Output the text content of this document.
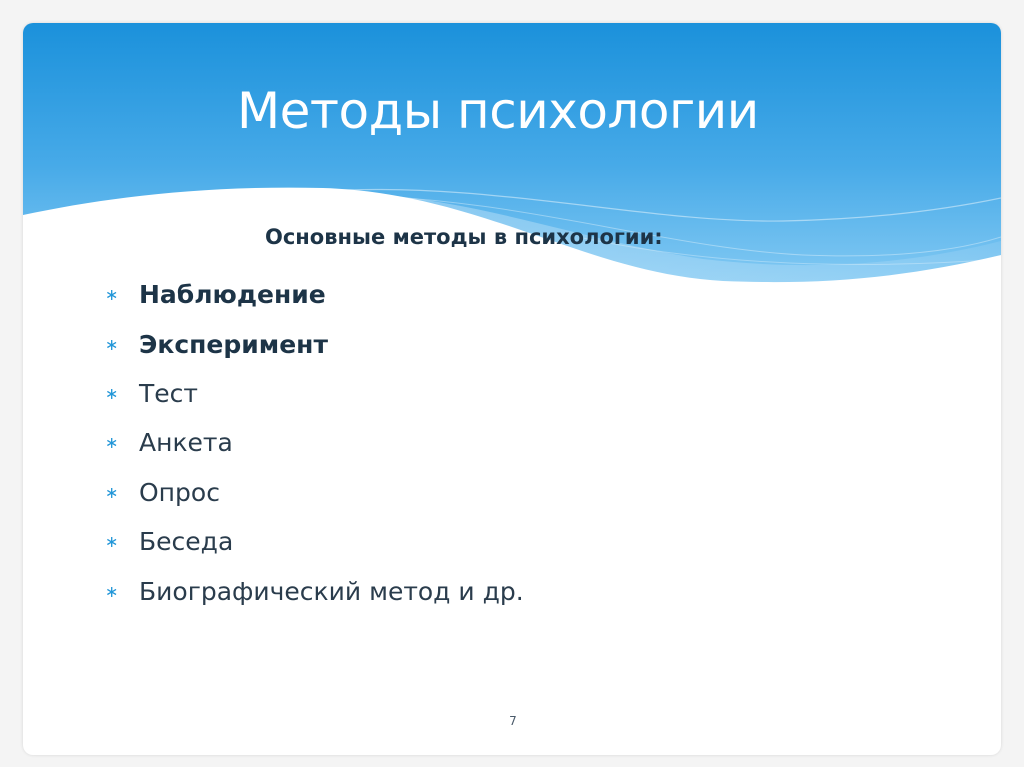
Методы психологии
Основные методы в психологии:
∗ Наблюдение
∗ Эксперимент
∗ Тест
∗ Анкета
∗ Опрос
∗ Беседа
∗ Биографический метод и др.
7
